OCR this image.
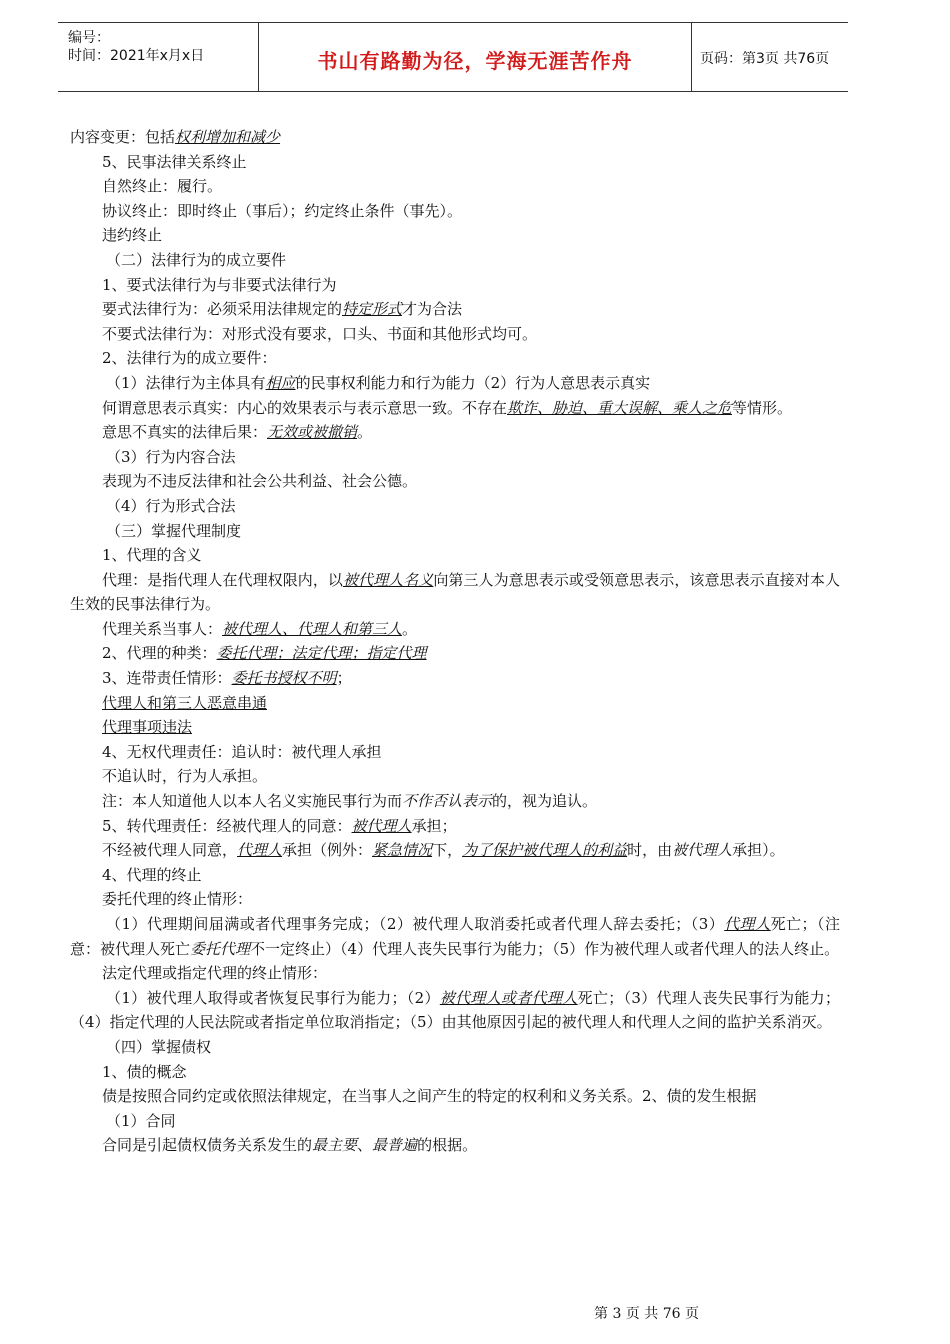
编号：
时间：2021年x月x日	书山有路勤为径，学海无涯苦作舟	页码：第3页 共76页
内容变更：包括权利增加和减少
5、民事法律关系终止
自然终止：履行。
协议终止：即时终止（事后）；约定终止条件（事先）。
违约终止
（二）法律行为的成立要件
1、要式法律行为与非要式法律行为
要式法律行为：必须采用法律规定的特定形式才为合法
不要式法律行为：对形式没有要求，口头、书面和其他形式均可。
2、法律行为的成立要件：
（1）法律行为主体具有相应的民事权利能力和行为能力（2）行为人意思表示真实
何谓意思表示真实：内心的效果表示与表示意思一致。不存在欺诈、胁迫、重大误解、乘人之危等情形。
意思不真实的法律后果：无效或被撤销。
（3）行为内容合法
表现为不违反法律和社会公共利益、社会公德。
（4）行为形式合法
（三）掌握代理制度
1、代理的含义
代理：是指代理人在代理权限内，以被代理人名义向第三人为意思表示或受领意思表示，该意思表示直接对本人生效的民事法律行为。
代理关系当事人：被代理人、代理人和第三人。
2、代理的种类：委托代理；法定代理；指定代理
3、连带责任情形：委托书授权不明；
代理人和第三人恶意串通
代理事项违法
4、无权代理责任：追认时：被代理人承担
不追认时，行为人承担。
注：本人知道他人以本人名义实施民事行为而不作否认表示的，视为追认。
5、转代理责任：经被代理人的同意：被代理人承担；
不经被代理人同意，代理人承担（例外：紧急情况下，为了保护被代理人的利益时，由被代理人承担）。
4、代理的终止
委托代理的终止情形：
（1）代理期间届满或者代理事务完成；（2）被代理人取消委托或者代理人辞去委托；（3）代理人死亡；（注意：被代理人死亡委托代理不一定终止）（4）代理人丧失民事行为能力；（5）作为被代理人或者代理人的法人终止。
法定代理或指定代理的终止情形：
（1）被代理人取得或者恢复民事行为能力；（2）被代理人或者代理人死亡；（3）代理人丧失民事行为能力；（4）指定代理的人民法院或者指定单位取消指定；（5）由其他原因引起的被代理人和代理人之间的监护关系消灭。
（四）掌握债权
1、债的概念
债是按照合同约定或依照法律规定，在当事人之间产生的特定的权利和义务关系。2、债的发生根据
（1）合同
合同是引起债权债务关系发生的最主要、最普遍的根据。
第 3 页 共 76 页
